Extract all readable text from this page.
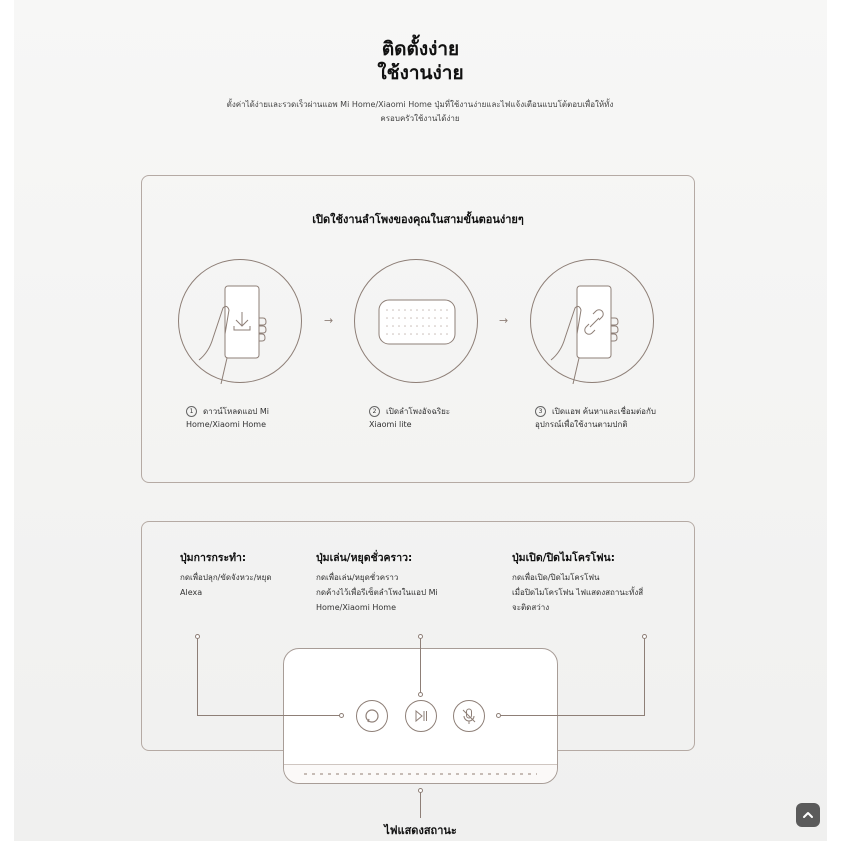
ติดตั้งง่าย
ใช้งานง่าย
ตั้งค่าได้ง่ายและรวดเร็วผ่านแอพ Mi Home/Xiaomi Home ปุ่มที่ใช้งานง่ายและไฟแจ้งเตือนแบบโต้ตอบเพื่อให้ทั้ง
ครอบครัวใช้งานได้ง่าย
เปิดใช้งานลำโพงของคุณในสามขั้นตอนง่ายๆ
→	→
1 ดาวน์โหลดแอป Mi Home/Xiaomi Home
2 เปิดลำโพงอัจฉริยะ Xiaomi lite
3 เปิดแอพ ค้นหาและเชื่อมต่อกับอุปกรณ์เพื่อใช้งานตามปกติ
ปุ่มการกระทำ:
กดเพื่อปลุก/ขัดจังหวะ/หยุด
Alexa
ปุ่มเล่น/หยุดชั่วคราว:
กดเพื่อเล่น/หยุดชั่วคราว
กดค้างไว้เพื่อรีเซ็ตลำโพงในแอป Mi
Home/Xiaomi Home
ปุ่มเปิด/ปิดไมโครโฟน:
กดเพื่อเปิด/ปิดไมโครโฟน
เมื่อปิดไมโครโฟน ไฟแสดงสถานะทั้งสี่
จะติดสว่าง
ไฟแสดงสถานะ
